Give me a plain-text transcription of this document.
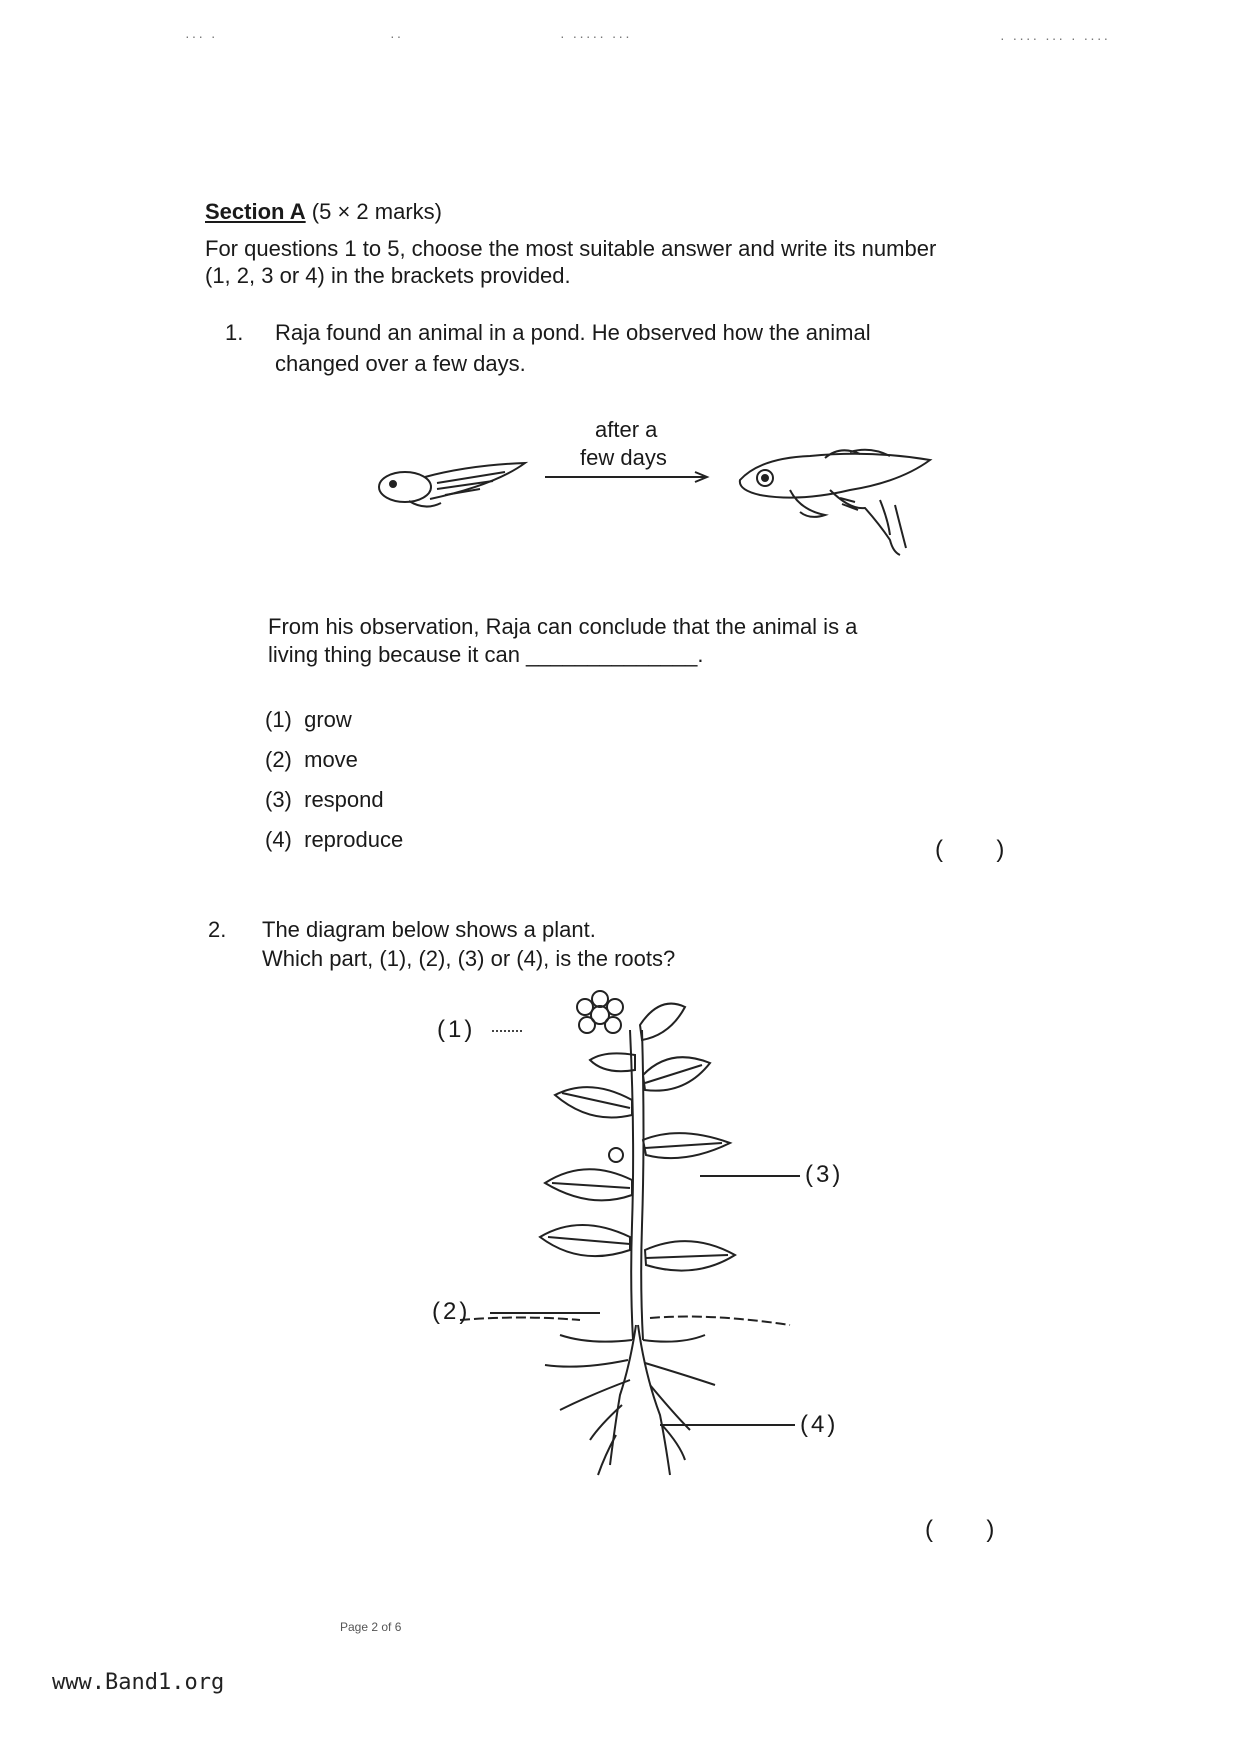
··· ·	··	· ····· ···	· ···· ··· · ····
Section A (5 × 2 marks)
For questions 1 to 5, choose the most suitable answer and write its number
(1, 2, 3 or 4) in the brackets provided.
1. Raja found an animal in a pond. He observed how the animal
changed over a few days.
after a
few days
From his observation, Raja can conclude that the animal is a
living thing because it can ______________.
(1) grow
(2) move
(3) respond
(4) reproduce	(        )
2. The diagram below shows a plant.
Which part, (1), (2), (3) or (4), is the roots?
(1)
(3)
(2)
(4)
(        )
Page 2 of 6
www.Band1.org
